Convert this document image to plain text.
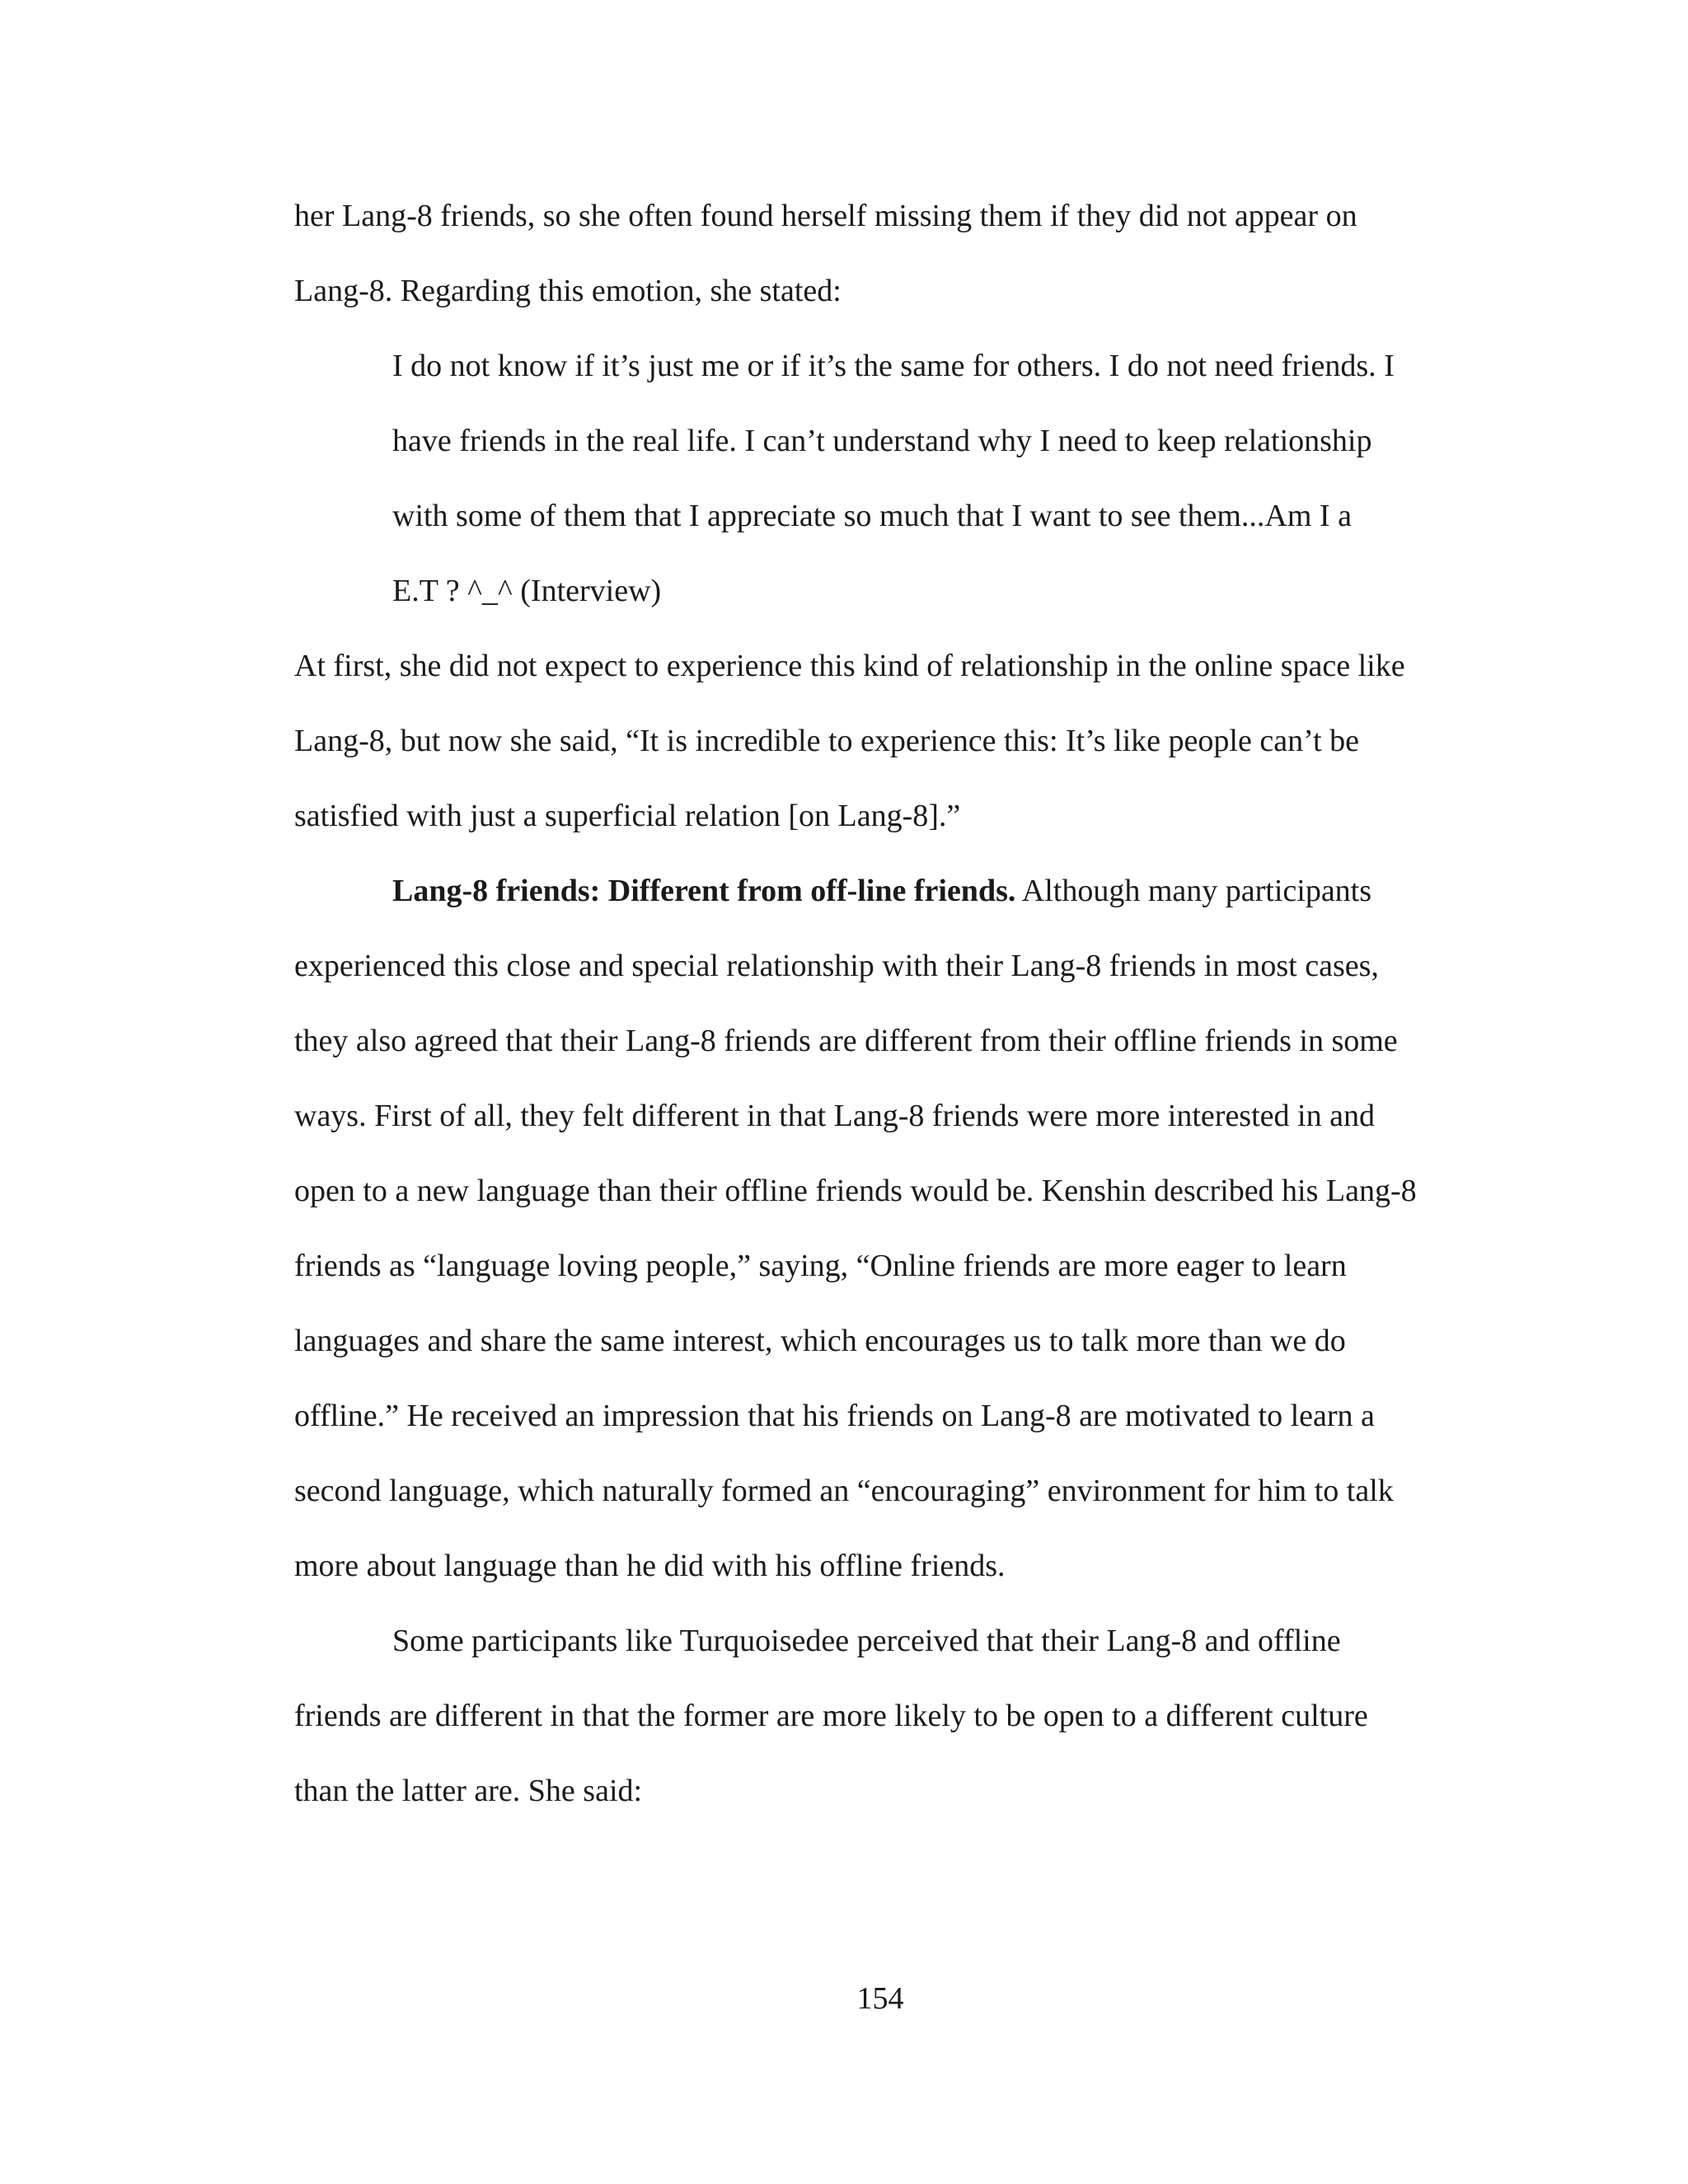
her Lang-8 friends, so she often found herself missing them if they did not appear on
Lang-8. Regarding this emotion, she stated:
I do not know if it’s just me or if it’s the same for others. I do not need friends. I
have friends in the real life. I can’t understand why I need to keep relationship
with some of them that I appreciate so much that I want to see them...Am I a
E.T ? ^_^ (Interview)
At first, she did not expect to experience this kind of relationship in the online space like
Lang-8, but now she said, “It is incredible to experience this: It’s like people can’t be
satisfied with just a superficial relation [on Lang-8].”
Lang-8 friends: Different from off-line friends. Although many participants
experienced this close and special relationship with their Lang-8 friends in most cases,
they also agreed that their Lang-8 friends are different from their offline friends in some
ways. First of all, they felt different in that Lang-8 friends were more interested in and
open to a new language than their offline friends would be. Kenshin described his Lang-8
friends as “language loving people,” saying, “Online friends are more eager to learn
languages and share the same interest, which encourages us to talk more than we do
offline.” He received an impression that his friends on Lang-8 are motivated to learn a
second language, which naturally formed an “encouraging” environment for him to talk
more about language than he did with his offline friends.
Some participants like Turquoisedee perceived that their Lang-8 and offline
friends are different in that the former are more likely to be open to a different culture
than the latter are. She said:
154
